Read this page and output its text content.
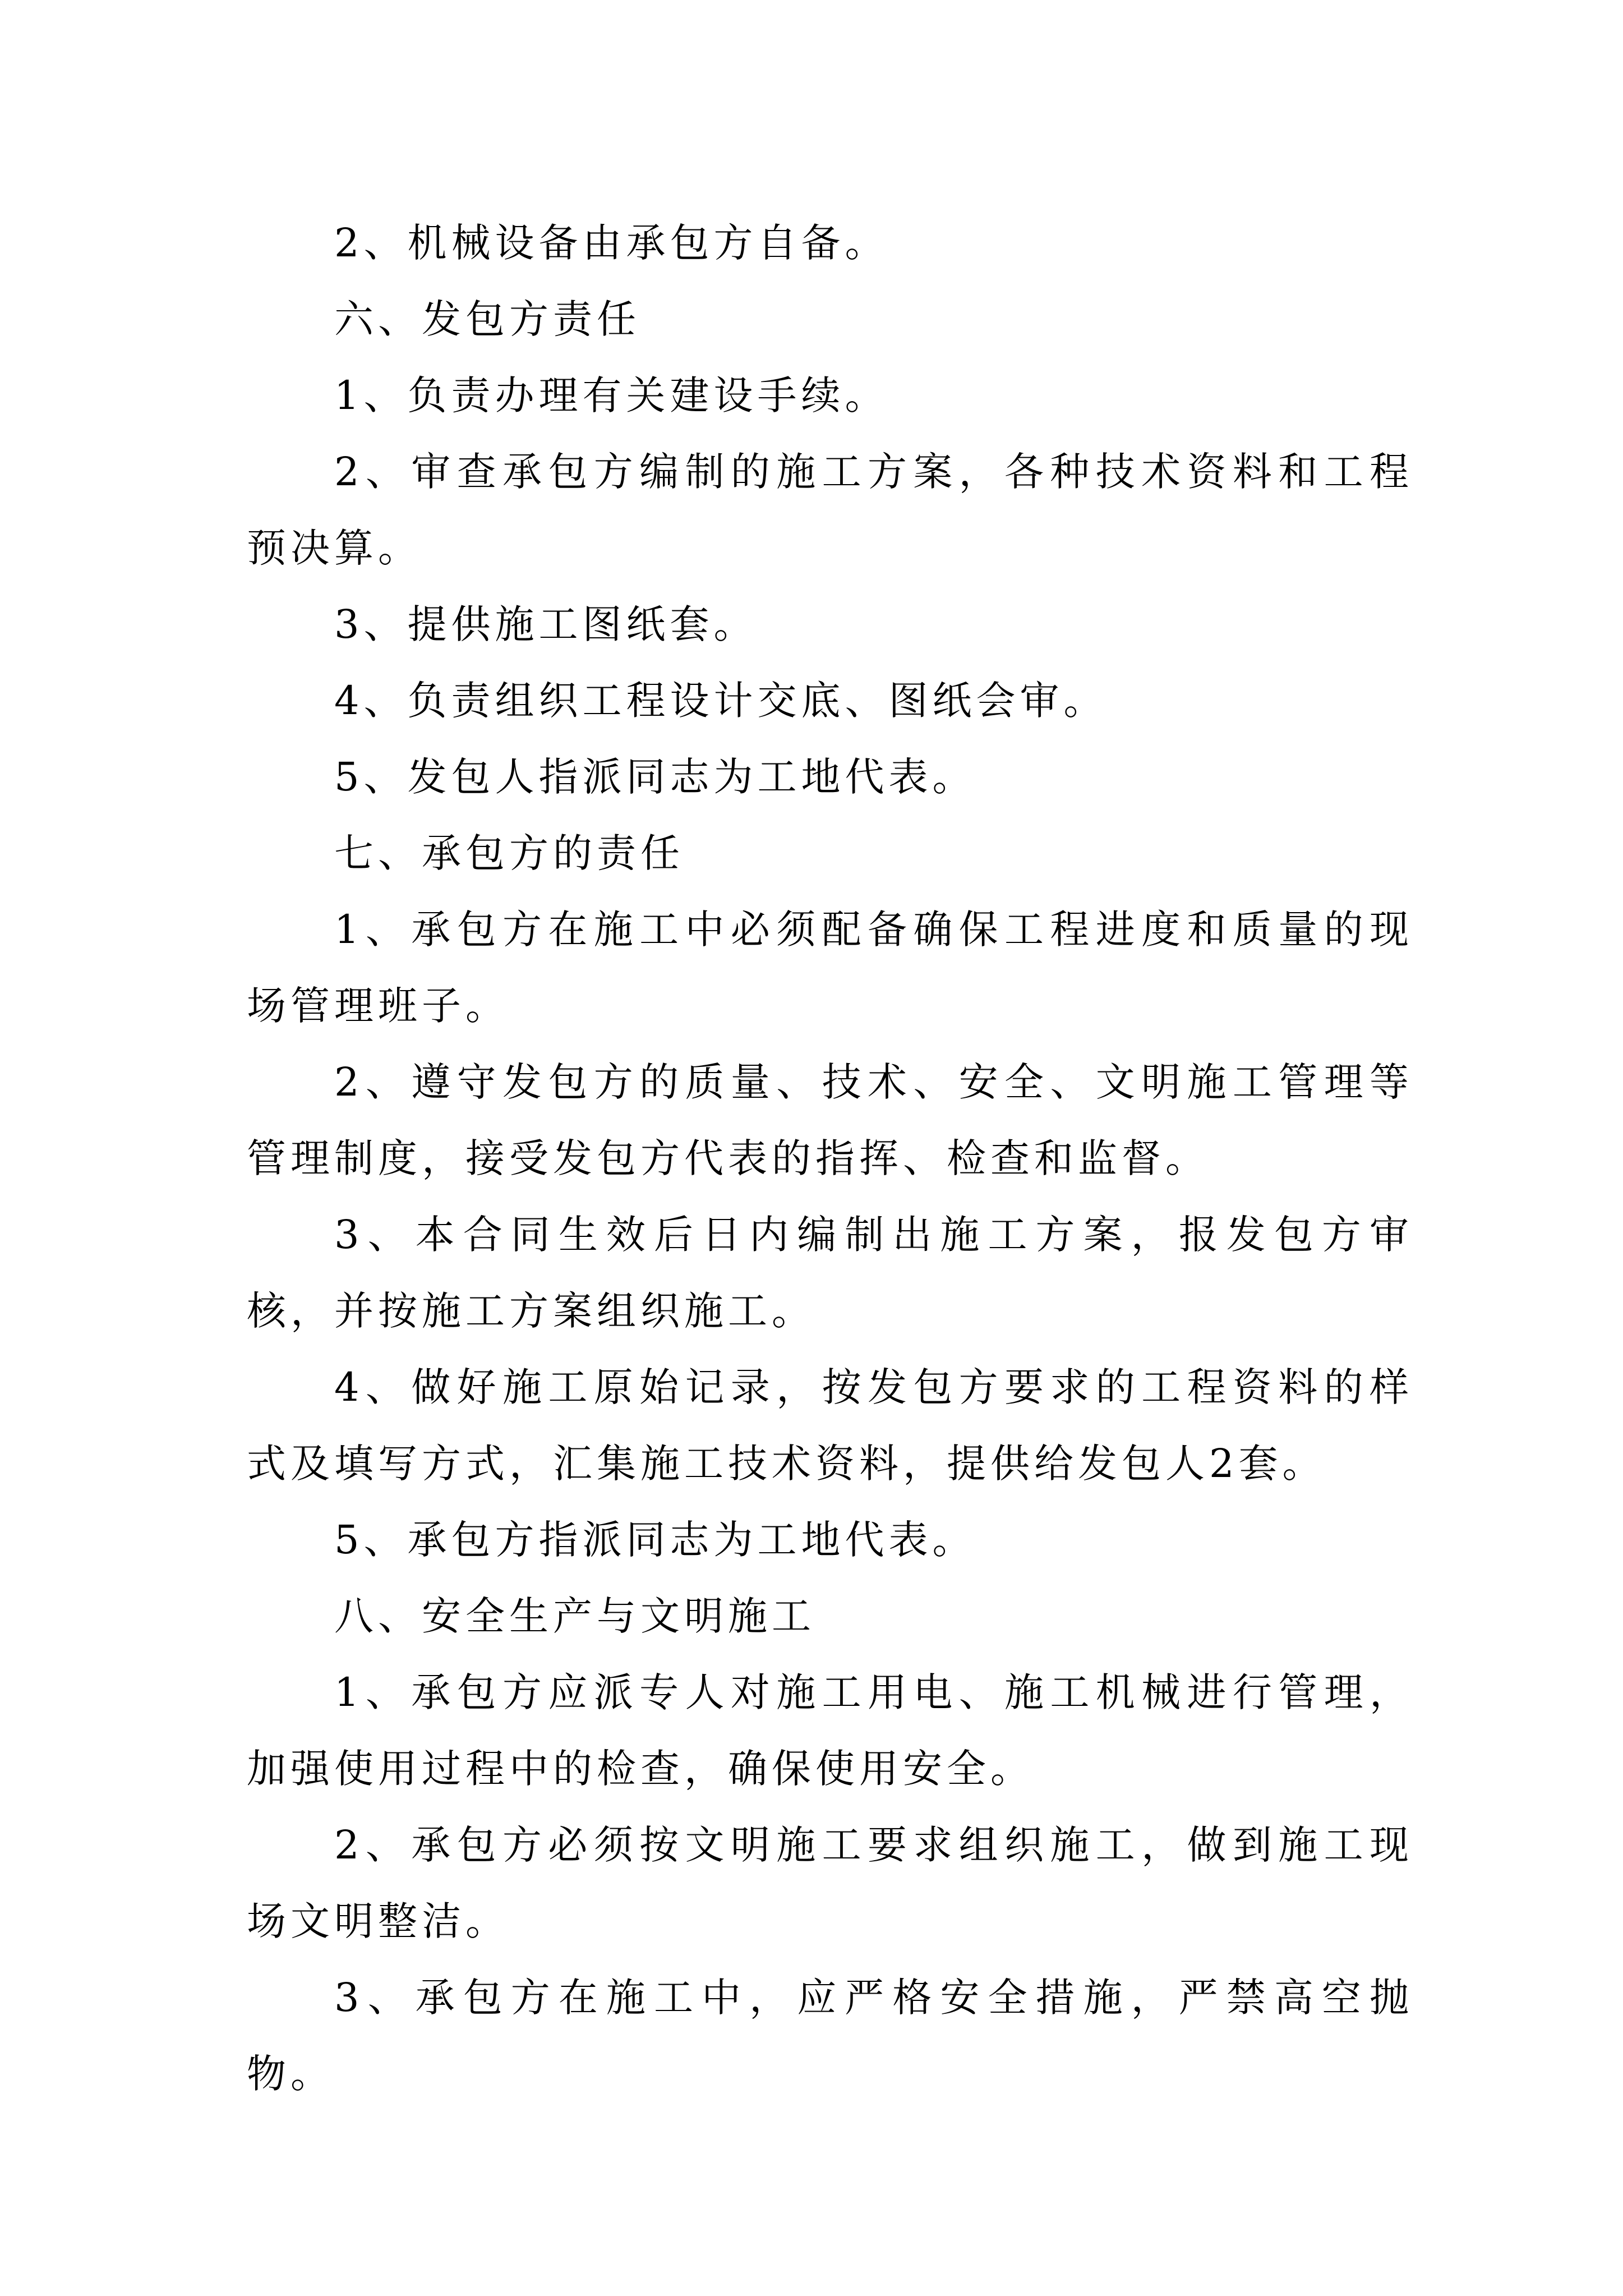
2、机械设备由承包方自备。

六、发包方责任

1、负责办理有关建设手续。

2、审查承包方编制的施工方案，各种技术资料和工程预决算。

3、提供施工图纸套。

4、负责组织工程设计交底、图纸会审。

5、发包人指派同志为工地代表。

七、承包方的责任

1、承包方在施工中必须配备确保工程进度和质量的现场管理班子。

2、遵守发包方的质量、技术、安全、文明施工管理等管理制度，接受发包方代表的指挥、检查和监督。

3、本合同生效后日内编制出施工方案，报发包方审核，并按施工方案组织施工。

4、做好施工原始记录，按发包方要求的工程资料的样式及填写方式，汇集施工技术资料，提供给发包人2套。

5、承包方指派同志为工地代表。

八、安全生产与文明施工

1、承包方应派专人对施工用电、施工机械进行管理，加强使用过程中的检查，确保使用安全。

2、承包方必须按文明施工要求组织施工，做到施工现场文明整洁。

3、承包方在施工中，应严格安全措施，严禁高空抛物。
